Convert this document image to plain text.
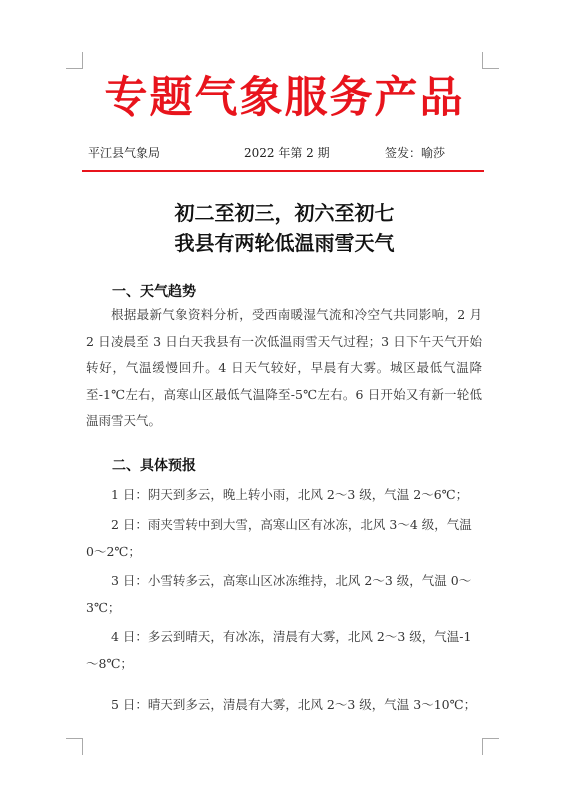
专题气象服务产品
平江县气象局	2022 年第 2 期	签发：喻莎
初二至初三，初六至初七
我县有两轮低温雨雪天气
一、天气趋势

根据最新气象资料分析，受西南暖湿气流和冷空气共同影响，2 月 2 日凌晨至 3 日白天我县有一次低温雨雪天气过程；3 日下午天气开始转好，气温缓慢回升。4 日天气较好，早晨有大雾。城区最低气温降至-1℃左右，高寒山区最低气温降至-5℃左右。6 日开始又有新一轮低温雨雪天气。

二、具体预报

1 日：阴天到多云，晚上转小雨，北风 2～3 级，气温 2～6℃；

2 日：雨夹雪转中到大雪，高寒山区有冰冻，北风 3～4 级，气温 0～2℃；

3 日：小雪转多云，高寒山区冰冻维持，北风 2～3 级，气温 0～3℃；

4 日：多云到晴天，有冰冻，清晨有大雾，北风 2～3 级，气温-1～8℃；

5 日：晴天到多云，清晨有大雾，北风 2～3 级，气温 3～10℃；
